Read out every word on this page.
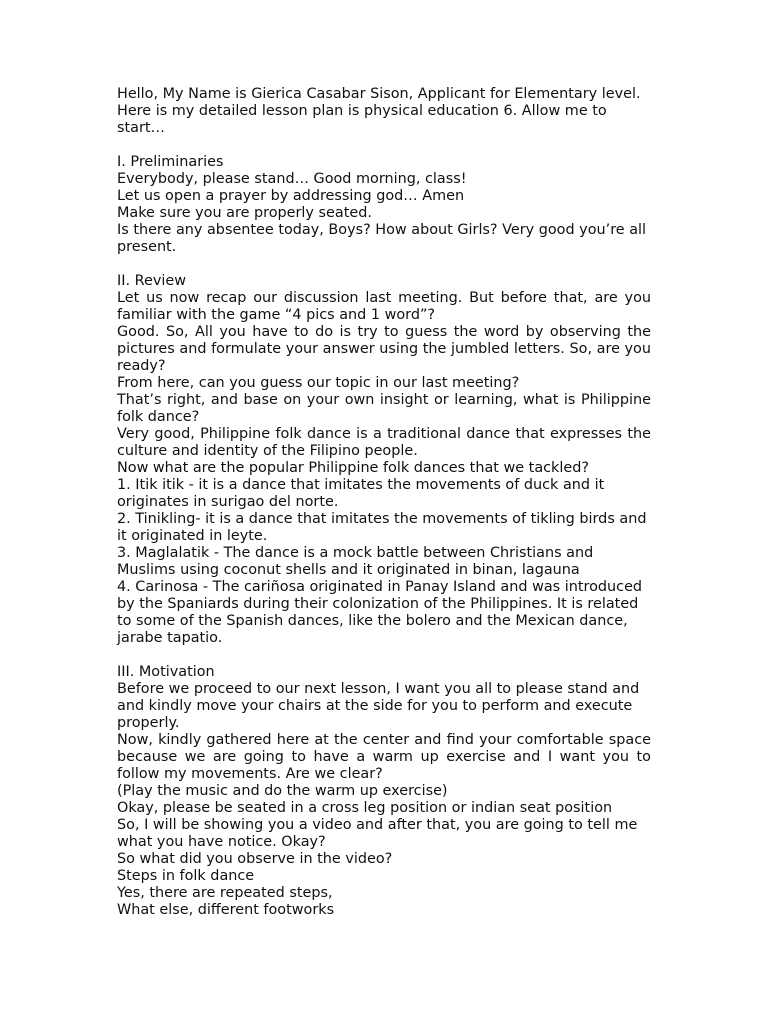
Hello, My Name is Gierica Casabar Sison, Applicant for Elementary level. Here is my detailed lesson plan is physical education 6. Allow me to start…

I. Preliminaries

Everybody, please stand… Good morning, class!

Let us open a prayer by addressing god… Amen

Make sure you are properly seated.

Is there any absentee today, Boys? How about Girls? Very good you’re all present.

II. Review

Let us now recap our discussion last meeting. But before that, are you familiar with the game “4 pics and 1 word”?

Good. So, All you have to do is try to guess the word by observing the pictures and formulate your answer using the jumbled letters. So, are you ready?

From here, can you guess our topic in our last meeting?

That’s right, and base on your own insight or learning, what is Philippine folk dance?

Very good, Philippine folk dance is a traditional dance that expresses the culture and identity of the Filipino people.

Now what are the popular Philippine folk dances that we tackled?

1. Itik itik - it is a dance that imitates the movements of duck and it originates in surigao del norte.

2. Tinikling- it is a dance that imitates the movements of tikling birds and it originated in leyte.

3. Maglalatik - The dance is a mock battle between Christians and Muslims using coconut shells and it originated in binan, lagauna

4. Carinosa - The cariñosa originated in Panay Island and was introduced by the Spaniards during their colonization of the Philippines. It is related to some of the Spanish dances, like the bolero and the Mexican dance, jarabe tapatio.

III. Motivation

Before we proceed to our next lesson, I want you all to please stand and and kindly move your chairs at the side for you to perform and execute properly.

Now, kindly gathered here at the center and find your comfortable space because we are going to have a warm up exercise and I want you to follow my movements. Are we clear?

(Play the music and do the warm up exercise)

Okay, please be seated in a cross leg position or indian seat position

So, I will be showing you a video and after that, you are going to tell me what you have notice. Okay?

So what did you observe in the video?

Steps in folk dance

Yes, there are repeated steps,

What else, different footworks
